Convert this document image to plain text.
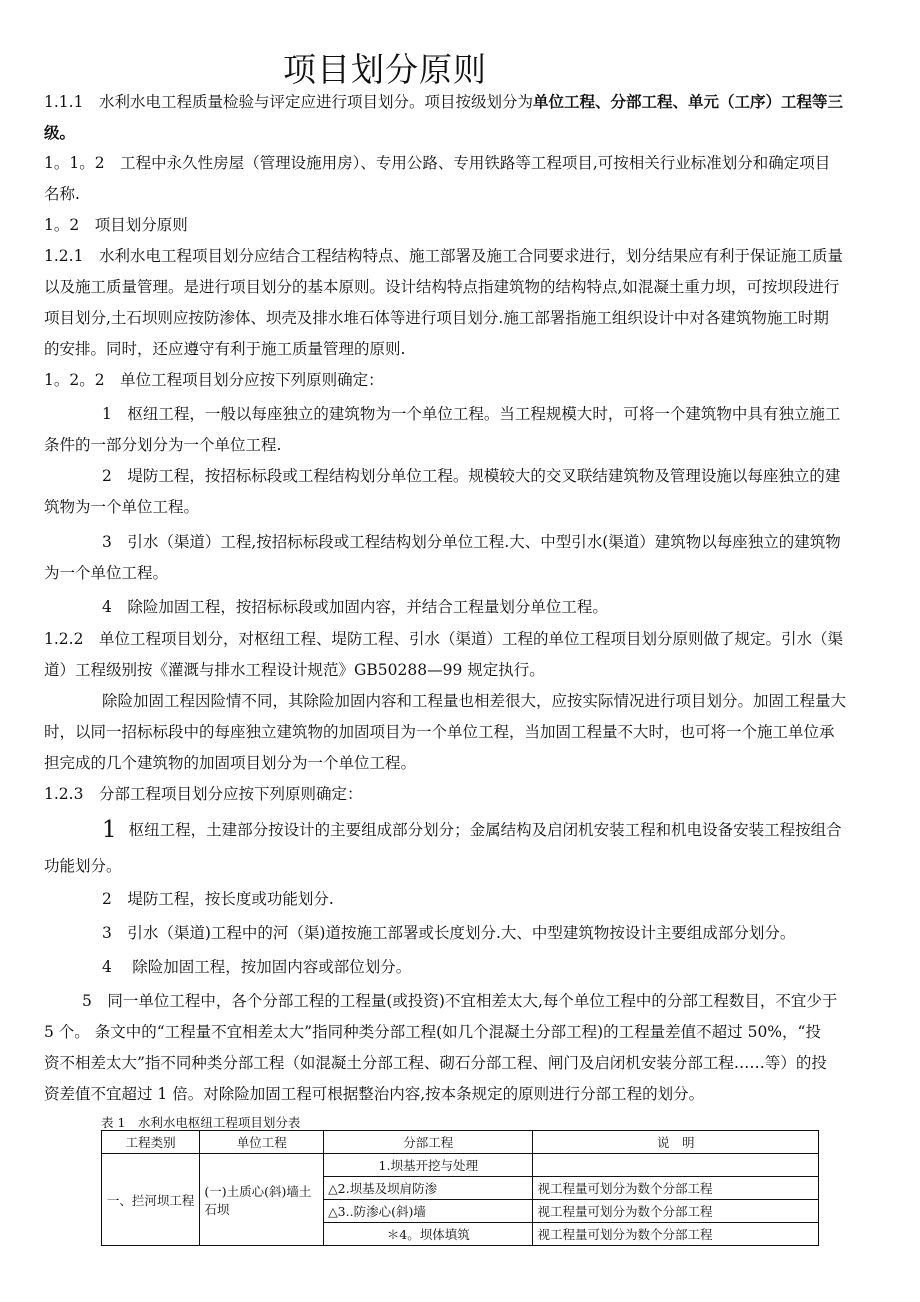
项目划分原则
1.1.1　水利水电工程质量检验与评定应进行项目划分。项目按级划分为单位工程、分部工程、单元（工序）工程等三
级。
1。1。2　工程中永久性房屋（管理设施用房）、专用公路、专用铁路等工程项目,可按相关行业标准划分和确定项目
名称.
1。2　项目划分原则
1.2.1　水利水电工程项目划分应结合工程结构特点、施工部署及施工合同要求进行，划分结果应有利于保证施工质量
以及施工质量管理。是进行项目划分的基本原则。设计结构特点指建筑物的结构特点,如混凝土重力坝，可按坝段进行
项目划分,土石坝则应按防渗体、坝壳及排水堆石体等进行项目划分.施工部署指施工组织设计中对各建筑物施工时期
的安排。同时，还应遵守有利于施工质量管理的原则.
1。2。2　单位工程项目划分应按下列原则确定：
1　枢纽工程，一般以每座独立的建筑物为一个单位工程。当工程规模大时，可将一个建筑物中具有独立施工
条件的一部分划分为一个单位工程.
2　堤防工程，按招标标段或工程结构划分单位工程。规模较大的交叉联结建筑物及管理设施以每座独立的建
筑物为一个单位工程。
3　引水（渠道）工程,按招标标段或工程结构划分单位工程.大、中型引水(渠道）建筑物以每座独立的建筑物
为一个单位工程。
4　除险加固工程，按招标标段或加固内容，并结合工程量划分单位工程。
1.2.2　单位工程项目划分，对枢纽工程、堤防工程、引水（渠道）工程的单位工程项目划分原则做了规定。引水（渠
道）工程级别按《灌溉与排水工程设计规范》GB50288—99 规定执行。
除险加固工程因险情不同，其除险加固内容和工程量也相差很大，应按实际情况进行项目划分。加固工程量大
时，以同一招标标段中的每座独立建筑物的加固项目为一个单位工程，当加固工程量不大时，也可将一个施工单位承
担完成的几个建筑物的加固项目划分为一个单位工程。
1.2.3　分部工程项目划分应按下列原则确定：
1 枢纽工程，土建部分按设计的主要组成部分划分；金属结构及启闭机安装工程和机电设备安装工程按组合
功能划分。
2　堤防工程，按长度或功能划分.
3　引水（渠道)工程中的河（渠)道按施工部署或长度划分.大、中型建筑物按设计主要组成部分划分。
4　 除险加固工程，按加固内容或部位划分。
5　同一单位工程中，各个分部工程的工程量(或投资)不宜相差太大,每个单位工程中的分部工程数目，不宜少于
5 个。 条文中的“工程量不宜相差太大”指同种类分部工程(如几个混凝土分部工程)的工程量差值不超过 50%，“投
资不相差太大”指不同种类分部工程（如混凝土分部工程、砌石分部工程、闸门及启闭机安装分部工程……等）的投
资差值不宜超过 1 倍。对除险加固工程可根据整治内容,按本条规定的原则进行分部工程的划分。
表 1　水利水电枢纽工程项目划分表
工程类别	单位工程	分部工程	说　明
一、拦河坝工程	(一)土质心(斜)墙土石坝	1.坝基开挖与处理	
		△2.坝基及坝肩防渗	视工程量可划分为数个分部工程
		△3..防渗心(斜)墙	视工程量可划分为数个分部工程
		＊4。坝体填筑	视工程量可划分为数个分部工程
